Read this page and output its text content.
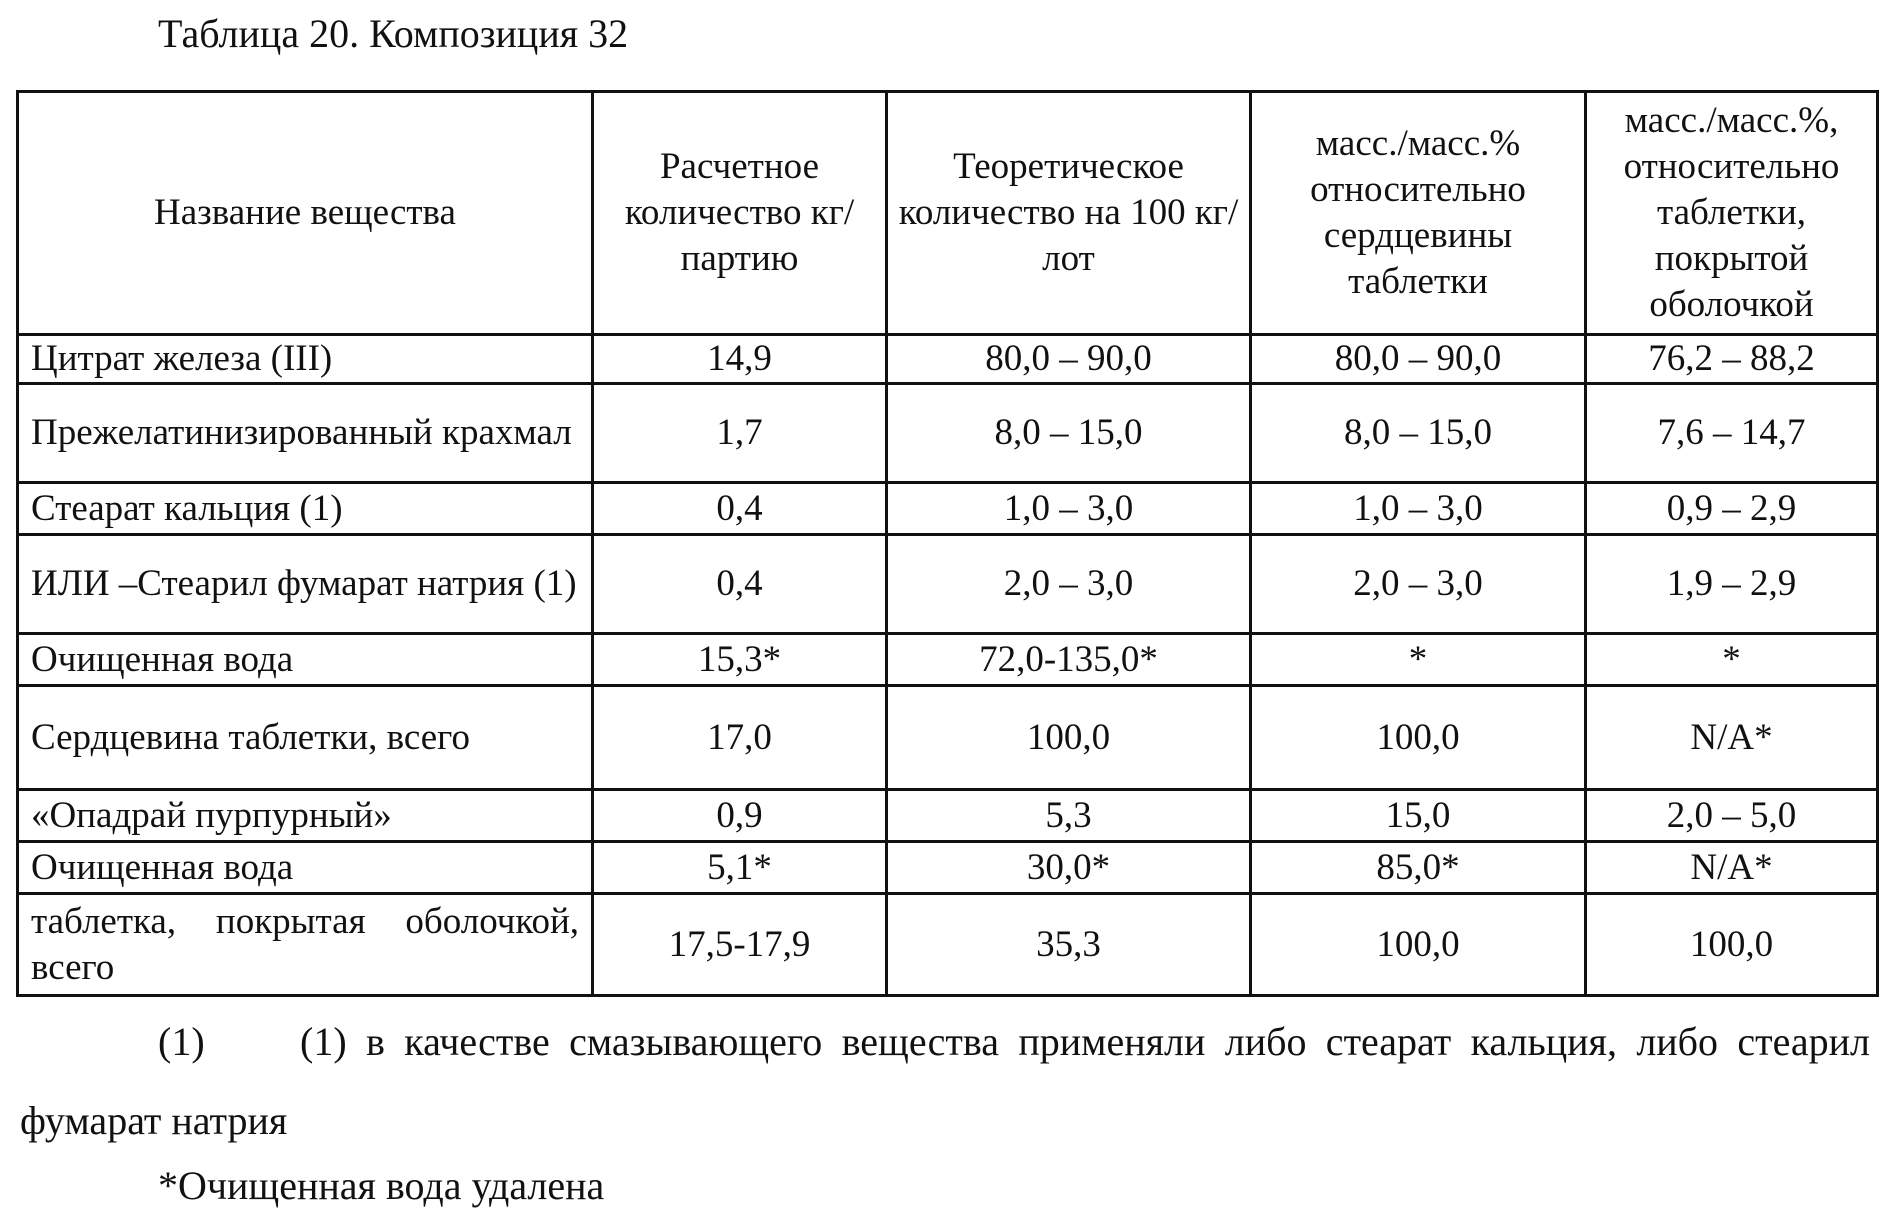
Таблица 20. Композиция 32
Название вещества	Расчетное количество кг/партию	Теоретическое количество на 100 кг/лот	масс./масс.% относительно сердцевины таблетки	масс./масс.%, относительно таблетки, покрытой оболочкой
Цитрат железа (III)	14,9	80,0 – 90,0	80,0 – 90,0	76,2 – 88,2
Прежелатинизированный крахмал	1,7	8,0 – 15,0	8,0 – 15,0	7,6 – 14,7
Стеарат кальция (1)	0,4	1,0 – 3,0	1,0 – 3,0	0,9 – 2,9
ИЛИ –Стеарил фумарат натрия (1)	0,4	2,0 – 3,0	2,0 – 3,0	1,9 – 2,9
Очищенная вода	15,3*	72,0-135,0*	*	*
Сердцевина таблетки, всего	17,0	100,0	100,0	N/A*
«Опадрай пурпурный»	0,9	5,3	15,0	2,0 – 5,0
Очищенная вода	5,1*	30,0*	85,0*	N/A*
таблетка, покрытая оболочкой, всего	17,5-17,9	35,3	100,0	100,0
(1) (1) в качестве смазывающего вещества применяли либо стеарат кальция, либо стеарил фумарат натрия
*Очищенная вода удалена
